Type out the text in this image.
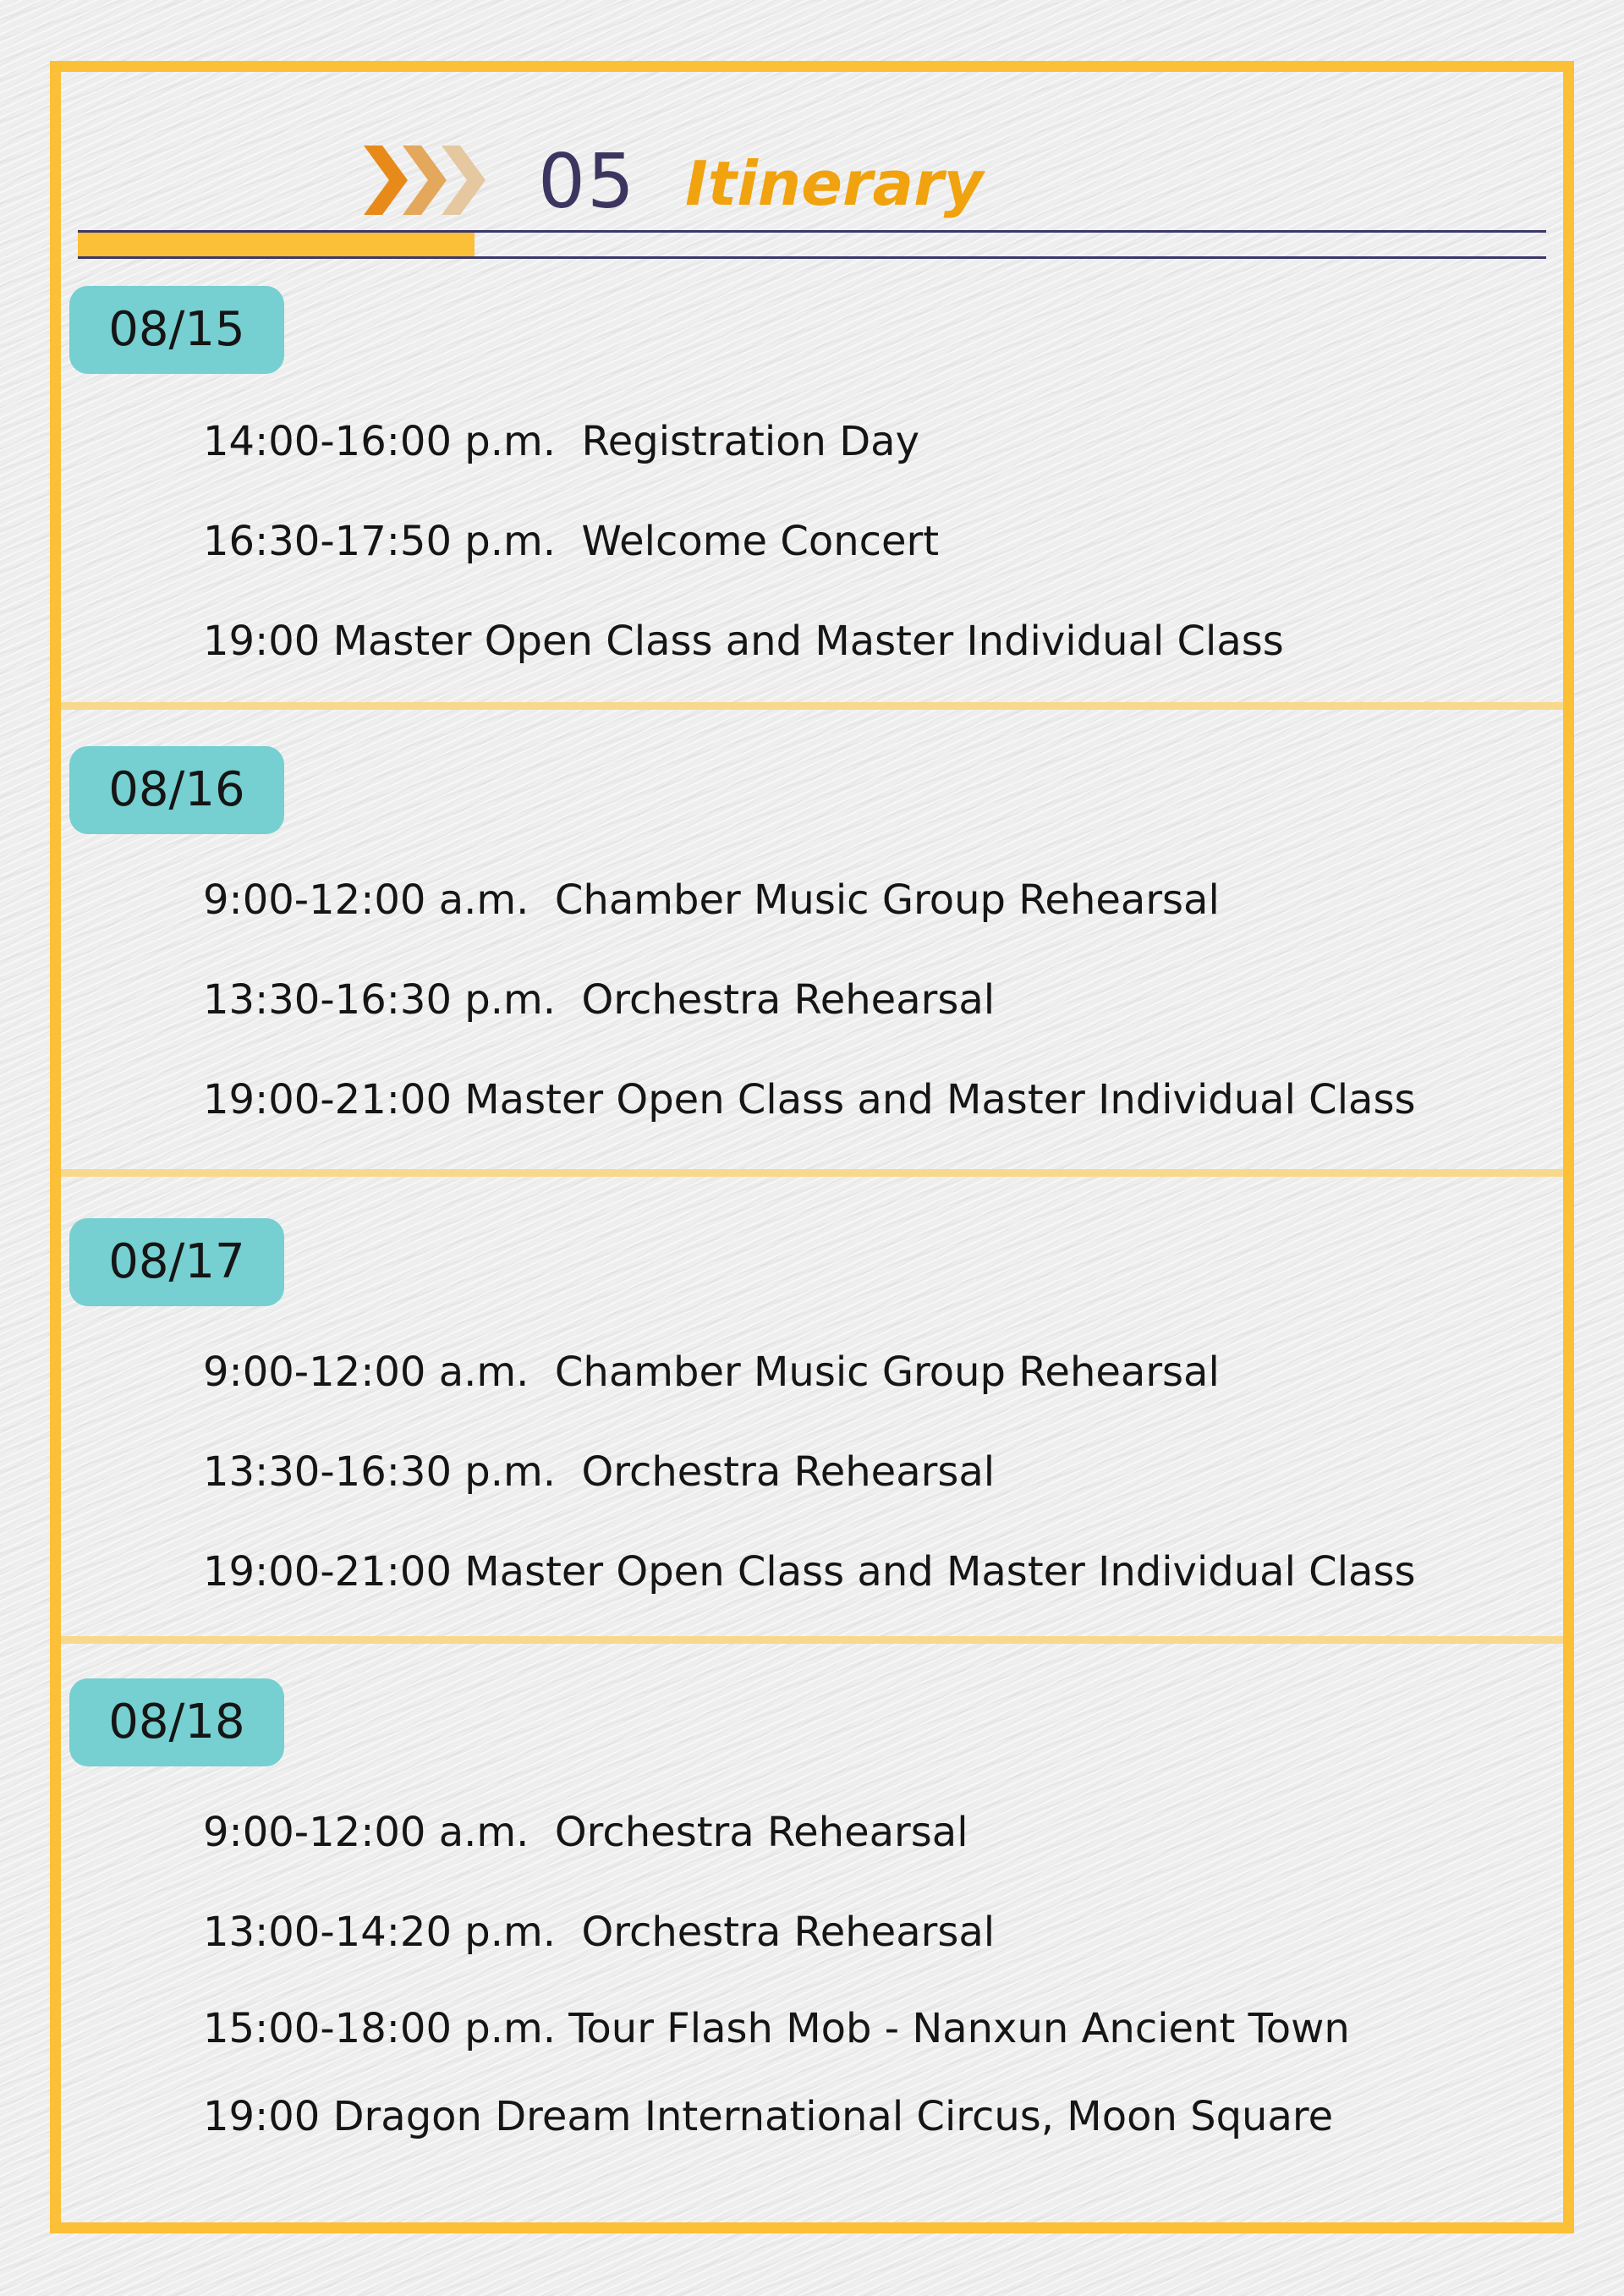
05 Itinerary
08/15
14:00-16:00 p.m.  Registration Day
16:30-17:50 p.m.  Welcome Concert
19:00 Master Open Class and Master Individual Class
08/16
9:00-12:00 a.m.  Chamber Music Group Rehearsal
13:30-16:30 p.m.  Orchestra Rehearsal
19:00-21:00 Master Open Class and Master Individual Class
08/17
9:00-12:00 a.m.  Chamber Music Group Rehearsal
13:30-16:30 p.m.  Orchestra Rehearsal
19:00-21:00 Master Open Class and Master Individual Class
08/18
9:00-12:00 a.m.  Orchestra Rehearsal
13:00-14:20 p.m.  Orchestra Rehearsal
15:00-18:00 p.m. Tour Flash Mob - Nanxun Ancient Town
19:00 Dragon Dream International Circus, Moon Square
